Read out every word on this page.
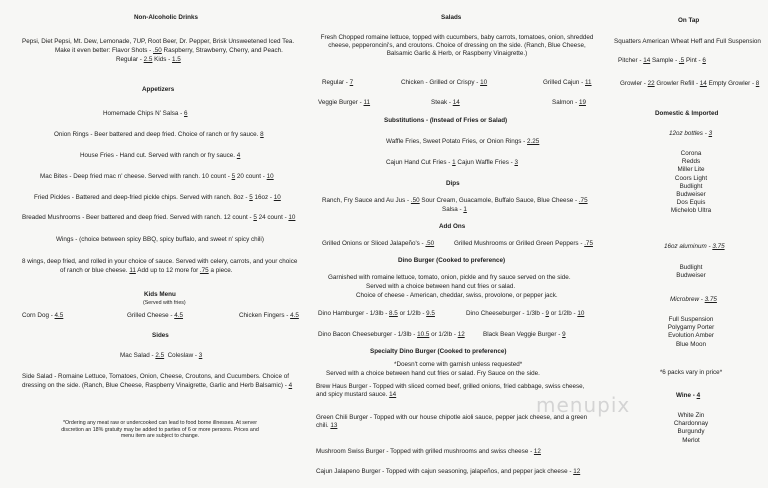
Non-Alcoholic Drinks
Pepsi, Diet Pepsi, Mt. Dew, Lemonade, 7UP, Root Beer, Dr. Pepper, Brisk Unsweetened Iced Tea.
Make it even better: Flavor Shots - .50 Raspberry, Strawberry, Cherry, and Peach.
Regular - 2.5 Kids - 1.5
Appetizers
Homemade Chips N' Salsa - 6
Onion Rings - Beer battered and deep fried. Choice of ranch or fry sauce. 8
House Fries - Hand cut. Served with ranch or fry sauce. 4
Mac Bites - Deep fried mac n' cheese. Served with ranch. 10 count - 5 20 count - 10
Fried Pickles - Battered and deep-fried pickle chips. Served with ranch. 8oz - 5 16oz - 10
Breaded Mushrooms - Beer battered and deep fried. Served with ranch. 12 count - 5 24 count - 10
Wings - (choice between spicy BBQ, spicy buffalo, and sweet n' spicy chili)
8 wings, deep fried, and rolled in your choice of sauce. Served with celery, carrots, and your choice
of ranch or blue cheese. 11 Add up to 12 more for .75 a piece.
Kids Menu
(Served with fries)
Corn Dog - 4.5	Grilled Cheese - 4.5	Chicken Fingers - 4.5
Sides
Mac Salad - 2.5 Coleslaw - 3
Side Salad - Romaine Lettuce, Tomatoes, Onion, Cheese, Croutons, and Cucumbers. Choice of
dressing on the side. (Ranch, Blue Cheese, Raspberry Vinaigrette, Garlic and Herb Balsamic) - 4
*Ordering any meat raw or undercooked can lead to food borne illnesses. At server discretion an 18% gratuity may be added to parties of 6 or more persons. Prices and menu item are subject to change.
Salads
Fresh Chopped romaine lettuce, topped with cucumbers, baby carrots, tomatoes, onion, shredded cheese, pepperoncini's, and croutons. Choice of dressing on the side. (Ranch, Blue Cheese, Balsamic Garlic & Herb, or Raspberry Vinaigrette.)
Regular - 7	Chicken - Grilled or Crispy - 10	Grilled Cajun - 11
Veggie Burger - 11	Steak - 14	Salmon - 19
Substitutions - (Instead of Fries or Salad)
Waffle Fries, Sweet Potato Fries, or Onion Rings - 2.25
Cajun Hand Cut Fries - 1 Cajun Waffle Fries - 3
Dips
Ranch, Fry Sauce and Au Jus - .50 Sour Cream, Guacamole, Buffalo Sauce, Blue Cheese - .75
Salsa - 1
Add Ons
Grilled Onions or Sliced Jalapeño's - .50	Grilled Mushrooms or Grilled Green Peppers - .75
Dino Burger (Cooked to preference)
Garnished with romaine lettuce, tomato, onion, pickle and fry sauce served on the side.
Served with a choice between hand cut fries or salad.
Choice of cheese - American, cheddar, swiss, provolone, or pepper jack.
Dino Hamburger - 1/3lb - 8.5 or 1/2lb - 9.5	Dino Cheeseburger - 1/3lb - 9 or 1/2lb - 10
Dino Bacon Cheeseburger - 1/3lb - 10.5 or 1/2lb - 12	Black Bean Veggie Burger - 9
Specialty Dino Burger (Cooked to preference)
*Doesn't come with garnish unless requested*
Served with a choice between hand cut fries or salad. Fry Sauce on the side.
Brew Haus Burger - Topped with sliced corned beef, grilled onions, fried cabbage, swiss cheese, and spicy mustard sauce. 14
Green Chili Burger - Topped with our house chipotle aioli sauce, pepper jack cheese, and a green chili. 13
Mushroom Swiss Burger - Topped with grilled mushrooms and swiss cheese - 12
Cajun Jalapeno Burger - Topped with cajun seasoning, jalapeños, and pepper jack cheese - 12
On Tap
Squatters American Wheat Heff and Full Suspension
Pitcher - 14 Sample - .5 Pint - 6
Growler - 22 Growler Refill - 14 Empty Growler - 8
Domestic & Imported
12oz bottles - 3
Corona
Redds
Miller Lite
Coors Light
Budlight
Budweiser
Dos Equis
Michelob Ultra
16oz aluminum - 3.75
Budlight
Budweiser
Microbrew - 3.75
Full Suspension
Polygamy Porter
Evolution Amber
Blue Moon
*6 packs vary in price*
Wine - 4
White Zin
Chardonnay
Burgundy
Merlot
menupix
